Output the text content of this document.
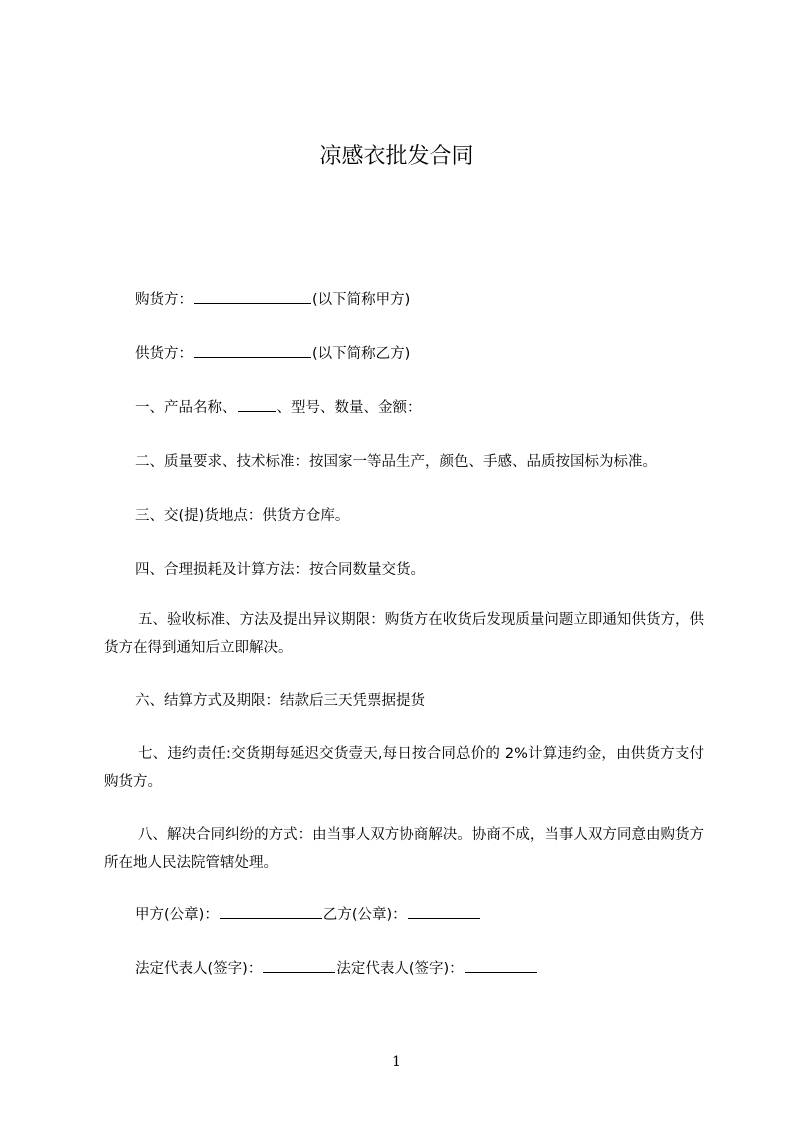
凉感衣批发合同
购货方：	(以下简称甲方)
供货方：	(以下简称乙方)
一、产品名称、	、型号、数量、金额：
二、质量要求、技术标准：按国家一等品生产，颜色、手感、品质按国标为标准。
三、交(提)货地点：供货方仓库。
四、合理损耗及计算方法：按合同数量交货。
五、验收标准、方法及提出异议期限：购货方在收货后发现质量问题立即通知供货方，供货方在得到通知后立即解决。
六、结算方式及期限：结款后三天凭票据提货
七、违约责任:交货期每延迟交货壹天,每日按合同总价的 2%计算违约金，由供货方支付购货方。
八、解决合同纠纷的方式：由当事人双方协商解决。协商不成，当事人双方同意由购货方所在地人民法院管辖处理。
甲方(公章)：	乙方(公章)：
法定代表人(签字)：	法定代表人(签字)：
1
